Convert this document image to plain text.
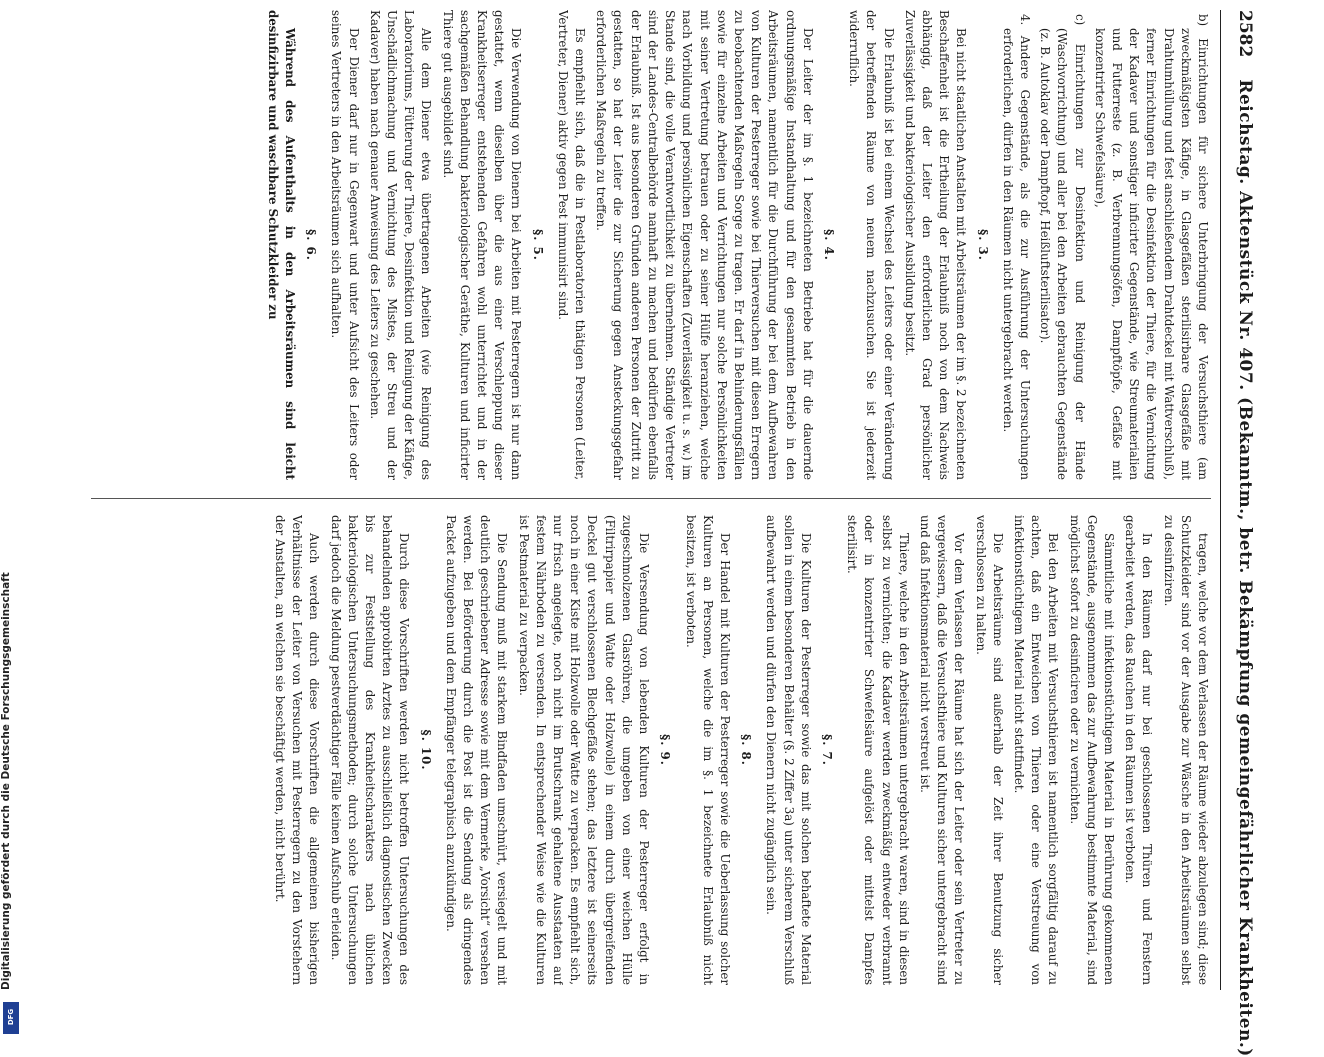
Digitalisierung gefördert durch die Deutsche Forschungsgemeinschaft
DFG
2582
Reichstag. Aktenstück Nr. 407. (Bekanntm., betr. Bekämpfung gemeingefährlicher Krankheiten.)

b) Einrichtungen für sichere Unterbringung der Versuchsthiere (am zweckmäßigsten Käfige, in Glasgefäßen sterilisirbare Glasgefäße mit Drahtumhüllung und fest anschließendem Drahtdeckel mit Wattverschluß), ferner Einrichtungen für die Desinfektion der Thiere, für die Vernichtung der Kadaver und sonstiger inficirter Gegenstände, wie Streumaterialien und Futterreste (z. B. Verbrennungsöfen, Dampftöpfe, Gefäße mit konzentrirter Schwefelsäure),

c) Einrichtungen zur Desinfektion und Reinigung der Hände (Waschvorrichtung) und aller bei den Arbeiten gebrauchten Gegenstände (z. B. Autoklav oder Dampftopf, Heißluftsterilisator).

4. Andere Gegenstände, als die zur Ausführung der Untersuchungen erforderlichen, dürfen in den Räumen nicht untergebracht werden.

§. 3.

Bei nicht staatlichen Anstalten mit Arbeitsräumen der im §. 2 bezeichneten Beschaffenheit ist die Ertheilung der Erlaubniß noch von dem Nachweis abhängig, daß der Leiter den erforderlichen Grad persönlicher Zuverlässigkeit und bakteriologischer Ausbildung besitzt.

Die Erlaubniß ist bei einem Wechsel des Leiters oder einer Veränderung der betreffenden Räume von neuem nachzusuchen. Sie ist jederzeit widerruflich.

§. 4.

Der Leiter der im §. 1 bezeichneten Betriebe hat für die dauernde ordnungsmäßige Instandhaltung und für den gesammten Betrieb in den Arbeitsräumen, namentlich für die Durchführung der bei dem Aufbewahren von Kulturen der Pesterreger sowie bei Thierversuchen mit diesen Erregern zu beobachtenden Maßregeln Sorge zu tragen. Er darf in Behinderungsfällen sowie für einzelne Arbeiten und Verrichtungen nur solche Persönlichkeiten mit seiner Vertretung betrauen oder zu seiner Hülfe heranziehen, welche nach Vorbildung und persönlichen Eigenschaften (Zuverlässigkeit u. s. w.) im Stande sind, die volle Verantwortlichkeit zu übernehmen. Ständige Vertreter sind der Landes-Centralbehörde namhaft zu machen und bedürfen ebenfalls der Erlaubniß. Ist aus besonderen Gründen anderen Personen der Zutritt zu gestatten, so hat der Leiter die zur Sicherung gegen Ansteckungsgefahr erforderlichen Maßregeln zu treffen.

Es empfiehlt sich, daß die in Pestlaboratorien thätigen Personen (Leiter, Vertreter, Diener) aktiv gegen Pest immunisirt sind.

§. 5.

Die Verwendung von Dienern bei Arbeiten mit Pesterregern ist nur dann gestattet, wenn dieselben über die aus einer Verschleppung dieser Krankheitserreger entstehenden Gefahren wohl unterrichtet und in der sachgemäßen Behandlung bakteriologischer Geräthe, Kulturen und inficirter Thiere gut ausgebildet sind.

Alle dem Diener etwa übertragenen Arbeiten (wie Reinigung des Laboratoriums, Fütterung der Thiere, Desinfektion und Reinigung der Käfige, Unschädlichmachung und Vernichtung des Mistes, der Streu und der Kadaver) haben nach genauer Anweisung des Leiters zu geschehen.

Der Diener darf nur in Gegenwart und unter Aufsicht des Leiters oder seines Vertreters in den Arbeitsräumen sich aufhalten.

§. 6.

Während des Aufenthalts in den Arbeitsräumen sind leicht desinfizirbare und waschbare Schutzkleider zu

tragen, welche vor dem Verlassen der Räume wieder abzulegen sind; diese Schutzkleider sind vor der Ausgabe zur Wäsche in den Arbeitsräumen selbst zu desinfiziren.

In den Räumen darf nur bei geschlossenen Thüren und Fenstern gearbeitet werden, das Rauchen in den Räumen ist verboten.

Sämmtliche mit infektionstüchtigem Material in Berührung gekommenen Gegenstände, ausgenommen das zur Aufbewahrung bestimmte Material, sind möglichst sofort zu desinficiren oder zu vernichten.

Bei den Arbeiten mit Versuchsthieren ist namentlich sorgfältig darauf zu achten, daß ein Entweichen von Thieren oder eine Verstreuung von infektionstüchtigem Material nicht stattfindet.

Die Arbeitsräume sind außerhalb der Zeit ihrer Benutzung sicher verschlossen zu halten.

Vor dem Verlassen der Räume hat sich der Leiter oder sein Vertreter zu vergewissern, daß die Versuchsthiere und Kulturen sicher untergebracht sind und daß Infektionsmaterial nicht verstreut ist.

Thiere, welche in den Arbeitsräumen untergebracht waren, sind in diesen selbst zu vernichten; die Kadaver werden zweckmäßig entweder verbrannt oder in konzentrirter Schwefelsäure aufgelöst oder mittelst Dampfes sterilisirt.

§. 7.

Die Kulturen der Pesterreger sowie das mit solchen behaftete Material sollen in einem besonderen Behälter (§. 2 Ziffer 3a) unter sicherem Verschluß aufbewahrt werden und dürfen den Dienern nicht zugänglich sein.

§. 8.

Der Handel mit Kulturen der Pesterreger sowie die Ueberlassung solcher Kulturen an Personen, welche die im §. 1 bezeichnete Erlaubniß nicht besitzen, ist verboten.

§. 9.

Die Versendung von lebenden Kulturen der Pesterreger erfolgt in zugeschmolzenen Glasröhren, die umgeben von einer weichen Hülle (Filtrirpapier und Watte oder Holzwolle) in einem durch übergreifenden Deckel gut verschlossenen Blechgefäße stehen; das letztere ist seinerseits noch in einer Kiste mit Holzwolle oder Watte zu verpacken. Es empfiehlt sich, nur frisch angelegte, noch nicht im Brutschrank gehaltene Ausstaaten auf festem Nährboden zu versenden. In entsprechender Weise wie die Kulturen ist Pestmaterial zu verpacken.

Die Sendung muß mit starkem Bindfaden umschnürt, versiegelt und mit deutlich geschriebener Adresse sowie mit dem Vermerke „Vorsicht“ versehen werden. Bei Beförderung durch die Post ist die Sendung als dringendes Packet aufzugeben und dem Empfänger telegraphisch anzukündigen.

§. 10.

Durch diese Vorschriften werden nicht betroffen Untersuchungen des behandelnden approbirten Arztes zu ausschließlich diagnostischen Zwecken bis zur Feststellung des Krankheitscharakters nach üblichen bakteriologischen Untersuchungsmethoden; durch solche Untersuchungen darf jedoch die Meldung pestverdächtiger Fälle keinen Aufschub erleiden.

Auch werden durch diese Vorschriften die allgemeinen bisherigen Verhältnisse der Leiter von Versuchen mit Pesterregern zu den Vorstehern der Anstalten, an welchen sie beschäftigt werden, nicht berührt.
